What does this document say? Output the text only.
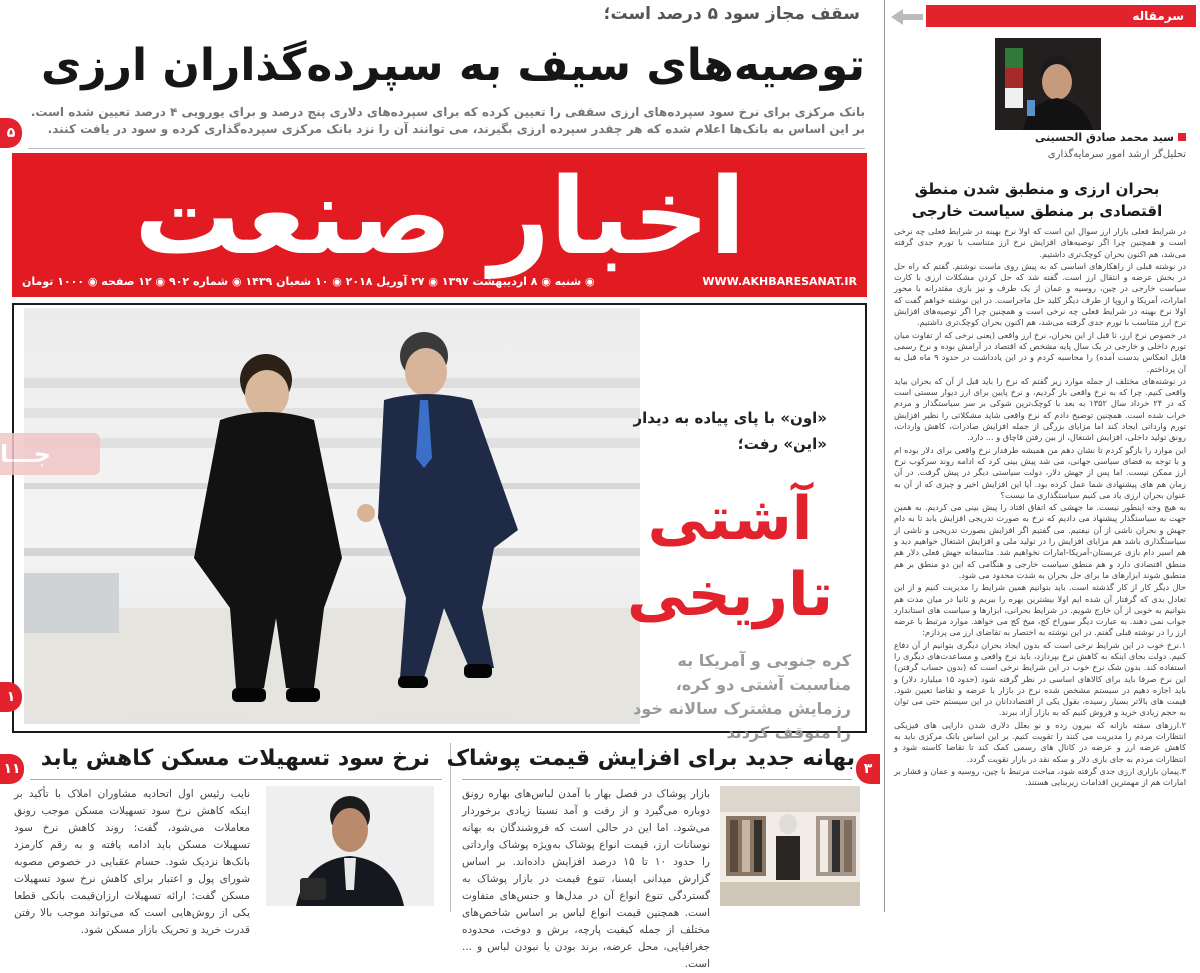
سقف مجاز سود ۵ درصد است؛
توصیه‌های سیف به سپرده‌گذاران ارزی
۵
بانک مرکزی برای نرخ سود سپرده‌های ارزی سقفی را تعیین کرده که برای سپرده‌های دلاری پنج درصد و برای یورویی ۴ درصد تعیین شده است. بر این اساس به بانک‌ها اعلام شده که هر چقدر سپرده ارزی بگیرند، می توانند آن را نزد بانک مرکزی سپرده‌گذاری کرده و سود در یافت کنند.
اخبار صنعت
WWW.AKHBARESANAT.IR
◉ شنبه ◉ ۸ اردیبهشت ۱۳۹۷ ◉ ۲۷ آوریل ۲۰۱۸ ◉ ۱۰ شعبان ۱۴۳۹ ◉ شماره ۹۰۲ ◉ ۱۲ صفحه ◉ ۱۰۰۰ تومان
«اون» با پای پیاده به دیدار «این» رفت؛
آشتی تاریخی
کره جنوبی و آمریکا به مناسبت آشتی دو کره، رزمایش مشترک سالانه خود را متوقف کردند
جـــا
۱
۱۱ نرخ سود تسهیلات مسکن کاهش یابد
نایب رئیس اول اتحادیه مشاوران املاک با تأکید بر اینکه کاهش نرخ سود تسهیلات مسکن موجب رونق معاملات می‌شود، گفت: روند کاهش نرخ سود تسهیلات مسکن باید ادامه یافته و به رقم کارمزد بانک‌ها نزدیک شود. حسام عقبایی در خصوص مصوبه شورای پول و اعتبار برای کاهش نرخ سود تسهیلات مسکن گفت: ارائه تسهیلات ارزان‌قیمت بانکی قطعا یکی از روش‌هایی است که می‌تواند موجب بالا رفتن قدرت خرید و تحریک بازار مسکن شود.
۳
بهانه جدید برای افزایش قیمت پوشاک
بازار پوشاک در فصل بهار با آمدن لباس‌های بهاره رونق دوباره می‌گیرد و از رفت و آمد نسبتا زیادی برخوردار می‌شود. اما این در حالی است که فروشندگان به بهانه نوسانات ارز، قیمت انواع پوشاک به‌ویژه پوشاک وارداتی را حدود ۱۰ تا ۱۵ درصد افزایش داده‌اند. بر اساس گزارش میدانی ایسنا، تنوع قیمت در بازار پوشاک به گستردگی تنوع انواع آن در مدل‌ها و جنس‌های متفاوت است. همچنین قیمت انواع لباس بر اساس شاخص‌های مختلف از جمله کیفیت پارچه، برش و دوخت، محدوده جغرافیایی، محل عرضه، برند بودن یا نبودن لباس و ... است.
سرمقاله
سید محمد صادق الحسینی
تحلیل‌گر ارشد امور سرمایه‌گذاری
بحران ارزی و منطبق شدن منطق اقتصادی بر منطق سیاست خارجی

در شرایط فعلی بازار ارز سوال این است که اولا نرخ بهینه در شرایط فعلی چه نرخی است و همچنین چرا اگر توصیه‌های افزایش نرخ ارز متناسب با تورم جدی گرفته می‌شد، هم اکنون بحران کوچک‌تری داشتیم.

در نوشته قبلی از راهکارهای اساسی که به پیش روی ماست نوشتم. گفتم که راه حل در بخش عرضه و انتقال ارز است. گفته شد که حل کردن مشکلات ارزی با کارت سیاست خارجی در چین، روسیه و عمان از یک طرف و نیز بازی مقتدرانه با محور امارات، آمریکا و اروپا از طرف دیگر کلید حل ماجراست. در این نوشته خواهم گفت که اولا نرخ بهینه در شرایط فعلی چه نرخی است و همچنین چرا اگر توصیه‌های افزایش نرخ ارز متناسب با تورم جدی گرفته می‌شد، هم اکنون بحران کوچک‌تری داشتیم.

در خصوص نرخ ارز، تا قبل از این بحران، نرخ ارز واقعی (یعنی نرخی که از تفاوت میان تورم داخلی و خارجی در یک سال پایه مشخص که اقتصاد در آرامش بوده و نرخ رسمی قابل انعکاس بدست آمده) را محاسبه کردم و در این یادداشت در حدود ۹ ماه قبل به آن پرداختم.

در نوشته‌های مختلف از جمله موارد زیر گفتم که نرخ را باید قبل از آن که بحران بیاید واقعی کنیم. چرا که به نرخ واقعی باز گردیم، و نرخ پایین برای ارز دیوار سستی است که در ۲۴ خرداد سال ۱۳۵۲ به بعد با کوچک‌ترین شوکی بر سر سیاستگذار و مردم خراب شده است. همچنین توضیح دادم که نرخ واقعی شاید مشکلاتی را نظیر افزایش تورم وارداتی ایجاد کند اما مزایای بزرگی از جمله افزایش صادرات، کاهش واردات، رونق تولید داخلی، افزایش اشتغال، از بین رفتن قاچاق و ... دارد.

این موارد را بازگو کردم تا نشان دهم من همیشه طرفدار نرخ واقعی برای دلار بوده ام و با توجه به فضای سیاسی جهانی، می شد پیش بینی کرد که ادامه روند سرکوب نرخ ارز ممکن نیست. اما پس از جهش دلار، دولت سیاستی دیگر در پیش گرفت. در آن زمان هم های پیشنهادی شما عمل کرده بود. آیا این افزایش اخیر و چیزی که از آن به عنوان بحران ارزی یاد می کنیم سیاستگذاری ما نیست؟

به هیچ وجه اینطور نیست. ما جهشی که اتفاق افتاد را پیش بینی می کردیم. به همین جهت به سیاستگذار پیشنهاد می دادیم که نرخ به صورت تدریجی افزایش یابد تا به دام جهش و بحران ناشی از آن نیفتیم. می گفتیم اگر افزایش بصورت تدریجی و ناشی از سیاستگذاری باشد هم مزایای افزایش را در تولید ملی و افزایش اشتغال خواهیم دید و هم اسیر دام بازی عربستان‌-آمریکا‌-امارات نخواهیم شد. متاسفانه جهش فعلی دلار هم منطق اقتصادی دارد و هم منطق سیاست خارجی و هنگامی که این دو منطق بر هم منطبق شوند ابزارهای ما برای حل بحران به شدت محدود می شود.

حال دیگر کار از کار گذشته است. باید بتوانیم همین شرایط را مدیریت کنیم و از این تعادل بدی که گرفتار آن شده ایم اولا بیشترین بهره را ببریم و ثانیا در میان مدت هم بتوانیم به خوبی از آن خارج شویم. در شرایط بحرانی، ابزارها و سیاست های استاندارد جواب نمی دهند. به عبارت دیگر سوراخ کج، میخ کج می خواهد. موارد مرتبط با عرضه ارز را در نوشته قبلی گفتم. در این نوشته به اختصار به تقاضای ارز می پردازم:

۱.نرخ خوب در این شرایط نرخی است که بدون ایجاد بحران دیگری بتوانیم از آن دفاع کنیم. دولت بجای اینکه به کاهش نرخ بپردازد، باید نرخ واقعی و مساعدت‌های دیگری را استفاده کند. بدون شک نرخ خوب در این شرایط نرخی است که (بدون حساب گرفتن) این نرخ صرفا باید برای کالاهای اساسی در نظر گرفته شود (حدود ۱۵ میلیارد دلار) و باید اجازه دهیم در سیستم مشخص شده نرخ در بازار با عرضه و تقاضا تعیین شود. قیمت های بالاتر بسیار رسیده، بقول یکی از اقتصاددانان در این سیستم حتی می توان به حجم زیادی خرید و فروش کنیم که به بازار آزاد ببرند.

۲.ارزهای سفته بازانه که بیرون زده و نو بعلل دلاری شدن دارایی های فیزیکی انتظارات مردم را مدیریت می کنند را تقویت کنیم. بر این اساس بانک مرکزی باید به کاهش عرضه ارز و عرضه در کانال های رسمی کمک کند تا تقاضا کاسته شود و انتظارات مردم به جای بازی دلار و سکه نقد در بازار تقویت گردد.

۳.پیمان بازاری ارزی جدی گرفته شود، مباحث مرتبط با چین، روسیه و عمان و فشار بر امارات هم از مهمترین اقدامات زیربنایی هستند.
